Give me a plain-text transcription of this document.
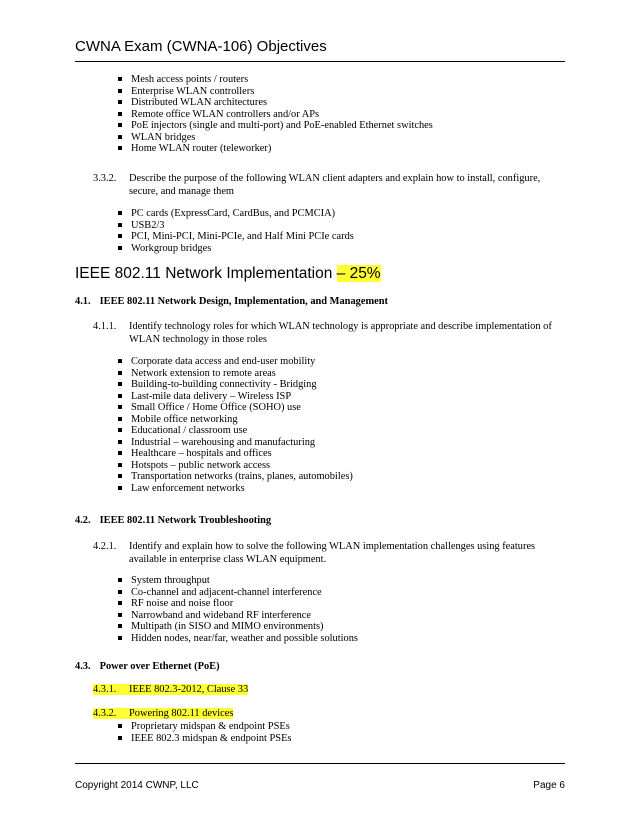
CWNA Exam (CWNA-106) Objectives
Mesh access points / routers
Enterprise WLAN controllers
Distributed WLAN architectures
Remote office WLAN controllers and/or APs
PoE injectors (single and multi-port) and PoE-enabled Ethernet switches
WLAN bridges
Home WLAN router (teleworker)
3.3.2. Describe the purpose of the following WLAN client adapters and explain how to install, configure, secure, and manage them
PC cards (ExpressCard, CardBus, and PCMCIA)
USB2/3
PCI, Mini-PCI, Mini-PCIe, and Half Mini PCIe cards
Workgroup bridges
IEEE 802.11 Network Implementation – 25%
4.1. IEEE 802.11 Network Design, Implementation, and Management
4.1.1. Identify technology roles for which WLAN technology is appropriate and describe implementation of WLAN technology in those roles
Corporate data access and end-user mobility
Network extension to remote areas
Building-to-building connectivity - Bridging
Last-mile data delivery – Wireless ISP
Small Office / Home Office (SOHO) use
Mobile office networking
Educational / classroom use
Industrial – warehousing and manufacturing
Healthcare – hospitals and offices
Hotspots – public network access
Transportation networks (trains, planes, automobiles)
Law enforcement networks
4.2. IEEE 802.11 Network Troubleshooting
4.2.1. Identify and explain how to solve the following WLAN implementation challenges using features available in enterprise class WLAN equipment.
System throughput
Co-channel and adjacent-channel interference
RF noise and noise floor
Narrowband and wideband RF interference
Multipath (in SISO and MIMO environments)
Hidden nodes, near/far, weather and possible solutions
4.3. Power over Ethernet (PoE)
4.3.1. IEEE 802.3-2012, Clause 33
4.3.2. Powering 802.11 devices
Proprietary midspan & endpoint PSEs
IEEE 802.3 midspan & endpoint PSEs
Copyright 2014 CWNP, LLC	Page 6
